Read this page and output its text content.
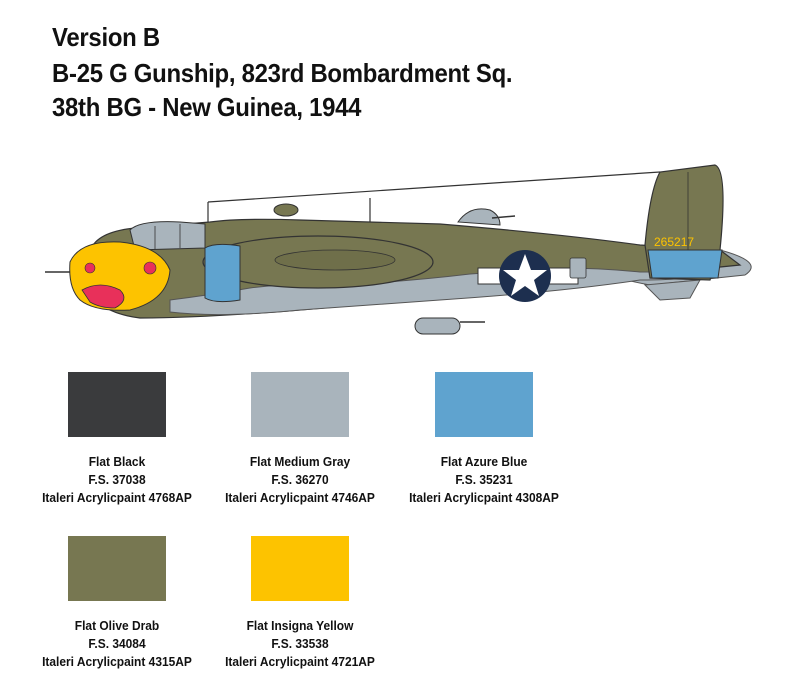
Version B
B-25 G Gunship, 823rd Bombardment Sq.
38th BG - New Guinea, 1944
265217
Flat Black
F.S. 37038
Italeri Acrylicpaint 4768AP
Flat Medium Gray
F.S. 36270
Italeri Acrylicpaint 4746AP
Flat Azure Blue
F.S. 35231
Italeri Acrylicpaint 4308AP
Flat Olive Drab
F.S. 34084
Italeri Acrylicpaint 4315AP
Flat Insigna Yellow
F.S. 33538
Italeri Acrylicpaint 4721AP
